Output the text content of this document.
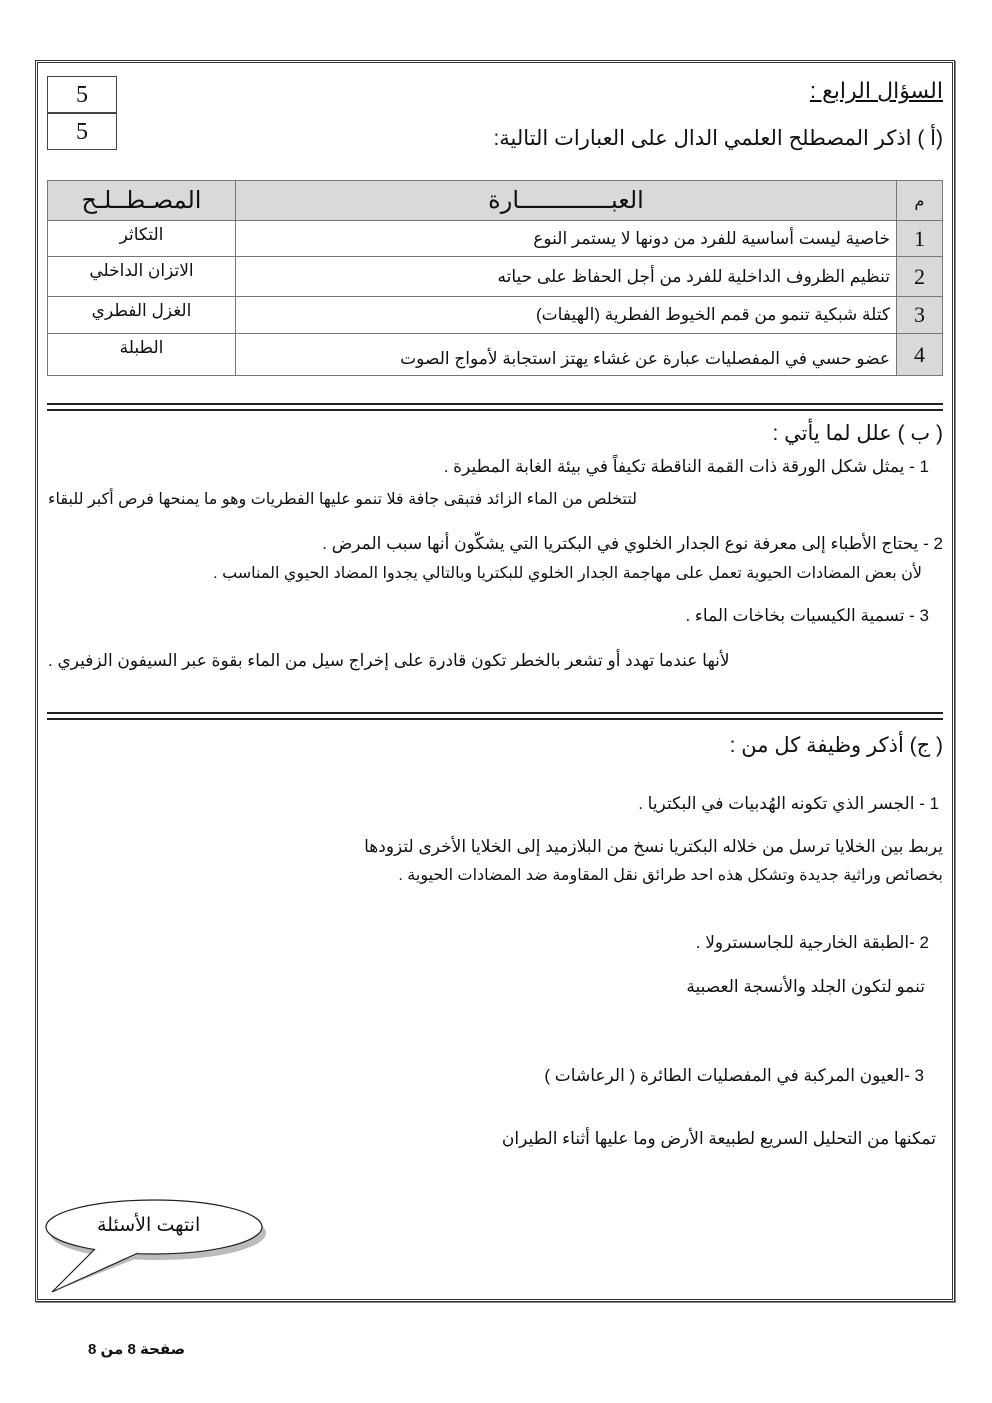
5
5
السؤال الرابع :
(أ ) اذكر المصطلح العلمي الدال على العبارات التالية:
م	العبـــــــــــــارة	المصـطــلـح
1	خاصية ليست أساسية للفرد من دونها لا يستمر النوع	التكاثر
2	تنظيم الظروف الداخلية للفرد من أجل الحفاظ على حياته	الاتزان الداخلي
3	كتلة شبكية تنمو من قمم الخيوط الفطرية (الهيفات)	الغزل الفطري
4	عضو حسي في المفصليات عبارة عن غشاء يهتز استجابة لأمواج الصوت	الطبلة
( ب ) علل لما يأتي :
1 - يمثل شكل الورقة ذات القمة الناقطة تكيفاً في بيئة الغابة المطيرة .
لتتخلص من الماء الزائد فتبقى جافة فلا تنمو عليها الفطريات وهو ما يمنحها فرص أكبر للبقاء
2 - يحتاج الأطباء إلى معرفة نوع الجدار الخلوي في البكتريا التي يشكّون أنها سبب المرض .
لأن بعض المضادات الحيوية تعمل على مهاجمة الجدار الخلوي للبكتريا وبالتالي يجدوا المضاد الحيوي المناسب .
3 - تسمية الكيسيات بخاخات الماء .
لأنها عندما تهدد أو تشعر بالخطر تكون قادرة على إخراج سيل من الماء بقوة عبر السيفون الزفيري .
( ج) أذكر وظيفة كل من :
1 - الجسر الذي تكونه الهُدبيات في البكتريا .
يربط بين الخلايا ترسل من خلاله البكتريا نسخ من البلازميد إلى الخلايا الأخرى لتزودها
بخصائص وراثية جديدة وتشكل هذه احد طرائق نقل المقاومة ضد المضادات الحيوية .
2 -الطبقة الخارجية للجاسسترولا .
تنمو لتكون الجلد والأنسجة العصبية
3 -العيون المركبة في المفصليات الطائرة ( الرعاشات )
تمكنها من التحليل السريع لطبيعة الأرض وما عليها أثناء الطيران
انتهت الأسئلة
صفحة 8 من 8
